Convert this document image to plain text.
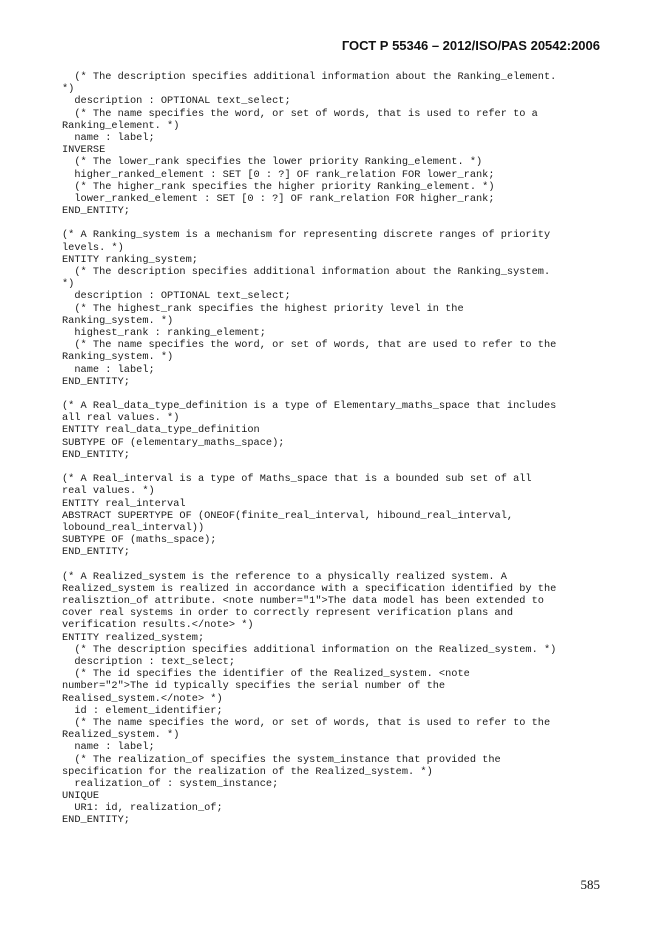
ГОСТ Р 55346 – 2012/ISO/PAS 20542:2006
(* The description specifies additional information about the Ranking_element.
*)
description : OPTIONAL text_select;
(* The name specifies the word, or set of words, that is used to refer to a
Ranking_element. *)
name : label;
INVERSE
(* The lower_rank specifies the lower priority Ranking_element. *)
higher_ranked_element : SET [0 : ?] OF rank_relation FOR lower_rank;
(* The higher_rank specifies the higher priority Ranking_element. *)
lower_ranked_element : SET [0 : ?] OF rank_relation FOR higher_rank;
END_ENTITY;
(* A Ranking_system is a mechanism for representing discrete ranges of priority
levels. *)
ENTITY ranking_system;
(* The description specifies additional information about the Ranking_system.
*)
description : OPTIONAL text_select;
(* The highest_rank specifies the highest priority level in the
Ranking_system. *)
highest_rank : ranking_element;
(* The name specifies the word, or set of words, that are used to refer to the
Ranking_system. *)
name : label;
END_ENTITY;
(* A Real_data_type_definition is a type of Elementary_maths_space that includes
all real values. *)
ENTITY real_data_type_definition
SUBTYPE OF (elementary_maths_space);
END_ENTITY;
(* A Real_interval is a type of Maths_space that is a bounded sub set of all
real values. *)
ENTITY real_interval
ABSTRACT SUPERTYPE OF (ONEOF(finite_real_interval, hibound_real_interval,
lobound_real_interval))
SUBTYPE OF (maths_space);
END_ENTITY;
(* A Realized_system is the reference to a physically realized system. A
Realized_system is realized in accordance with a specification identified by the
realisztion_of attribute. <note number="1">The data model has been extended to
cover real systems in order to correctly represent verification plans and
verification results.</note> *)
ENTITY realized_system;
(* The description specifies additional information on the Realized_system. *)
description : text_select;
(* The id specifies the identifier of the Realized_system. <note
number="2">The id typically specifies the serial number of the
Realised_system.</note> *)
id : element_identifier;
(* The name specifies the word, or set of words, that is used to refer to the
Realized_system. *)
name : label;
(* The realization_of specifies the system_instance that provided the
specification for the realization of the Realized_system. *)
realization_of : system_instance;
UNIQUE
UR1: id, realization_of;
END_ENTITY;
585
